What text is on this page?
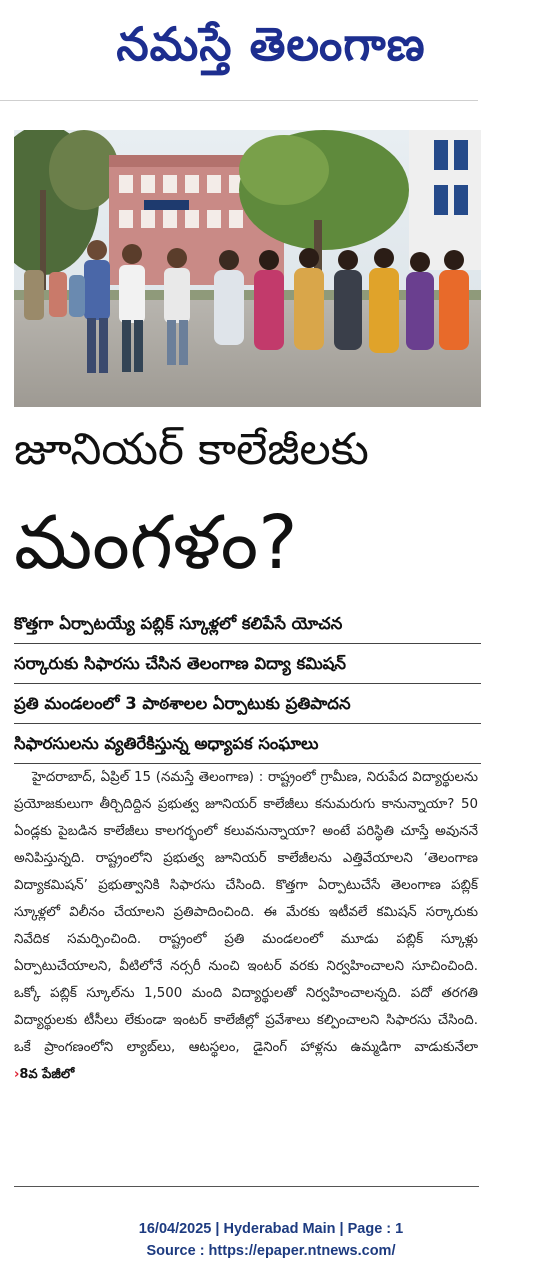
నమస్తే తెలంగాణ
జూనియర్ కాలేజీలకు
మంగళం?
కొత్తగా ఏర్పాటయ్యే పబ్లిక్ స్కూళ్లలో కలిపేసే యోచన
సర్కారుకు సిఫారసు చేసిన తెలంగాణ విద్యా కమిషన్
ప్రతి మండలంలో 3 పాఠశాలల ఏర్పాటుకు ప్రతిపాదన
సిఫారసులను వ్యతిరేకిస్తున్న అధ్యాపక సంఘాలు

హైదరాబాద్, ఏప్రిల్ 15 (నమస్తే తెలంగాణ) : రాష్ట్రంలో గ్రామీణ, నిరుపేద విద్యార్థులను ప్రయోజకులుగా తీర్చిదిద్దిన ప్రభుత్వ జూనియర్ కాలేజీలు కనుమరుగు కానున్నాయా? 50 ఏండ్లకు పైబడిన కాలేజీలు కాలగర్భంలో కలువనున్నాయా? అంటే పరిస్థితి చూస్తే అవుననే అనిపిస్తున్నది. రాష్ట్రంలోని ప్రభుత్వ జూనియర్ కాలేజీలను ఎత్తివేయాలని ‘తెలంగాణ విద్యాకమిషన్’ ప్రభుత్వానికి సిఫారసు చేసింది. కొత్తగా ఏర్పాటుచేసే తెలంగాణ పబ్లిక్ స్కూళ్లలో విలీనం చేయాలని ప్రతిపాదించింది. ఈ మేరకు ఇటీవలే కమిషన్ సర్కారుకు నివేదిక సమర్పించింది. రాష్ట్రంలో ప్రతి మండలంలో మూడు పబ్లిక్ స్కూళ్లు ఏర్పాటుచేయాలని, వీటిలోనే నర్సరీ నుంచి ఇంటర్ వరకు నిర్వహించాలని సూచించింది. ఒక్కో పబ్లిక్ స్కూల్‌ను 1,500 మంది విద్యార్థులతో నిర్వహించాలన్నది. పదో తరగతి విద్యార్థులకు టీసీలు లేకుండా ఇంటర్ కాలేజీల్లో ప్రవేశాలు కల్పించాలని సిఫారసు చేసింది. ఒకే ప్రాంగణంలోని ల్యాబ్‌లు, ఆటస్థలం, డైనింగ్ హాళ్లను ఉమ్మడిగా వాడుకునేలా ›8వ పేజీలో

16/04/2025 | Hyderabad Main | Page : 1
Source : https://epaper.ntnews.com/
